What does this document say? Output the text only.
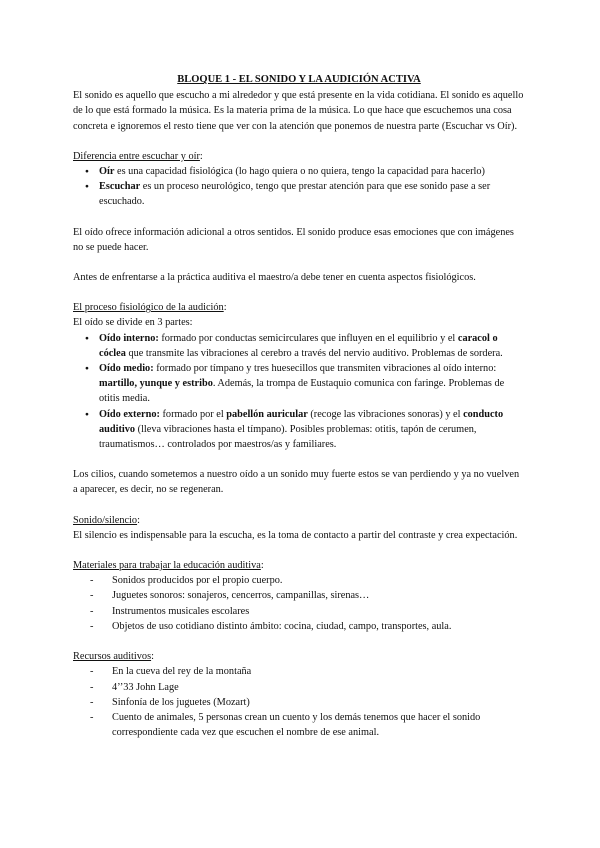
BLOQUE 1 - EL SONIDO Y LA AUDICIÓN ACTIVA

El sonido es aquello que escucho a mi alrededor y que está presente en la vida cotidiana. El sonido es aquello de lo que está formado la música. Es la materia prima de la música. Lo que hace que escuchemos una cosa concreta e ignoremos el resto tiene que ver con la atención que ponemos de nuestra parte (Escuchar vs Oír).

Diferencia entre escuchar y oír:

● Oír es una capacidad fisiológica (lo hago quiera o no quiera, tengo la capacidad para hacerlo)
● Escuchar es un proceso neurológico, tengo que prestar atención para que ese sonido pase a ser escuchado.

El oído ofrece información adicional a otros sentidos. El sonido produce esas emociones que con imágenes no se puede hacer.

Antes de enfrentarse a la práctica auditiva el maestro/a debe tener en cuenta aspectos fisiológicos.

El proceso fisiológico de la audición:

El oído se divide en 3 partes:

● Oído interno: formado por conductas semicirculares que influyen en el equilibrio y el caracol o cóclea que transmite las vibraciones al cerebro a través del nervio auditivo. Problemas de sordera.
● Oído medio: formado por tímpano y tres huesecillos que transmiten vibraciones al oído interno: martillo, yunque y estribo. Además, la trompa de Eustaquio comunica con faringe. Problemas de otitis media.
● Oído externo: formado por el pabellón auricular (recoge las vibraciones sonoras) y el conducto auditivo (lleva vibraciones hasta el tímpano). Posibles problemas: otitis, tapón de cerumen, traumatismos… controlados por maestros/as y familiares.

Los cilios, cuando sometemos a nuestro oído a un sonido muy fuerte estos se van perdiendo y ya no vuelven a aparecer, es decir, no se regeneran.

Sonido/silencio:

El silencio es indispensable para la escucha, es la toma de contacto a partir del contraste y crea expectación.

Materiales para trabajar la educación auditiva:

- Sonidos producidos por el propio cuerpo.
- Juguetes sonoros: sonajeros, cencerros, campanillas, sirenas…
- Instrumentos musicales escolares
- Objetos de uso cotidiano distinto ámbito: cocina, ciudad, campo, transportes, aula.

Recursos auditivos:

- En la cueva del rey de la montaña
- 4’’33 John Lage
- Sinfonía de los juguetes (Mozart)
- Cuento de animales, 5 personas crean un cuento y los demás tenemos que hacer el sonido correspondiente cada vez que escuchen el nombre de ese animal.
